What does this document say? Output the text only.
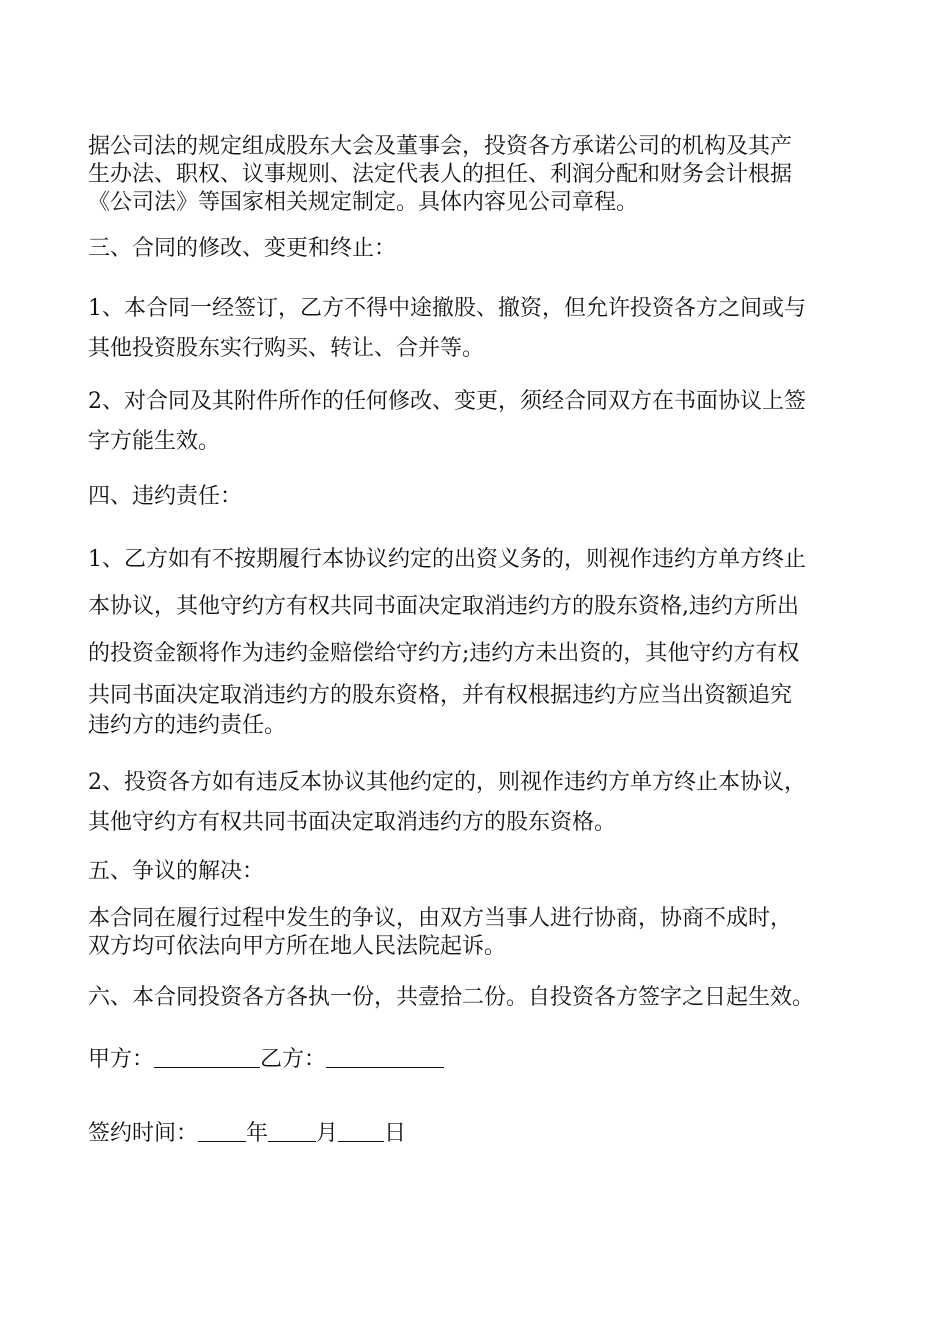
据公司法的规定组成股东大会及董事会，投资各方承诺公司的机构及其产
生办法、职权、议事规则、法定代表人的担任、利润分配和财务会计根据
《公司法》等国家相关规定制定。具体内容见公司章程。
三、合同的修改、变更和终止：
1、本合同一经签订，乙方不得中途撤股、撤资，但允许投资各方之间或与
其他投资股东实行购买、转让、合并等。
2、对合同及其附件所作的任何修改、变更，须经合同双方在书面协议上签
字方能生效。
四、违约责任：
1、乙方如有不按期履行本协议约定的出资义务的，则视作违约方单方终止
本协议，其他守约方有权共同书面决定取消违约方的股东资格,违约方所出
的投资金额将作为违约金赔偿给守约方;违约方未出资的，其他守约方有权
共同书面决定取消违约方的股东资格，并有权根据违约方应当出资额追究
违约方的违约责任。
2、投资各方如有违反本协议其他约定的，则视作违约方单方终止本协议，
其他守约方有权共同书面决定取消违约方的股东资格。
五、争议的解决：
本合同在履行过程中发生的争议，由双方当事人进行协商，协商不成时，
双方均可依法向甲方所在地人民法院起诉。
六、本合同投资各方各执一份，共壹拾二份。自投资各方签字之日起生效。
甲方：	乙方：
签约时间： 年 月 日
